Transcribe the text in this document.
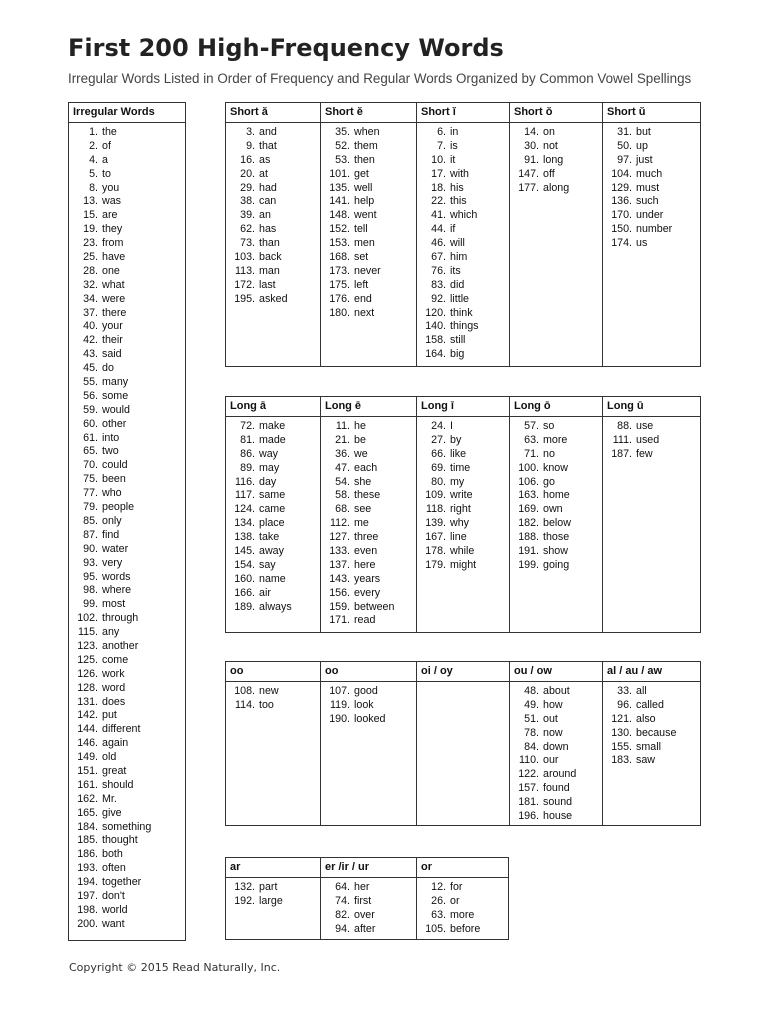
First 200 High-Frequency Words

Irregular Words Listed in Order of Frequency and Regular Words Organized by Common Vowel Spellings

Irregular Words
1. the
2. of
4. a
5. to
8. you
13. was
15. are
19. they
23. from
25. have
28. one
32. what
34. were
37. there
40. your
42. their
43. said
45. do
55. many
56. some
59. would
60. other
61. into
65. two
70. could
75. been
77. who
79. people
85. only
87. find
90. water
93. very
95. words
98. where
99. most
102. through
115. any
123. another
125. come
126. work
128. word
131. does
142. put
144. different
146. again
149. old
151. great
161. should
162. Mr.
165. give
184. something
185. thought
186. both
193. often
194. together
197. don't
198. world
200. want
Short ă
3. and
9. that
16. as
20. at
29. had
38. can
39. an
62. has
73. than
103. back
113. man
172. last
195. asked
Short ĕ
35. when
52. them
53. then
101. get
135. well
141. help
148. went
152. tell
153. men
168. set
173. never
175. left
176. end
180. next
Short ĭ
6. in
7. is
10. it
17. with
18. his
22. this
41. which
44. if
46. will
67. him
76. its
83. did
92. little
120. think
140. things
158. still
164. big
Short ŏ
14. on
30. not
91. long
147. off
177. along
Short ŭ
31. but
50. up
97. just
104. much
129. must
136. such
170. under
150. number
174. us
Long ā
72. make
81. made
86. way
89. may
116. day
117. same
124. came
134. place
138. take
145. away
154. say
160. name
166. air
189. always
Long ē
11. he
21. be
36. we
47. each
54. she
58. these
68. see
112. me
127. three
133. even
137. here
143. years
156. every
159. between
171. read
Long ī
24. I
27. by
66. like
69. time
80. my
109. write
118. right
139. why
167. line
178. while
179. might
Long ō
57. so
63. more
71. no
100. know
106. go
163. home
169. own
182. below
188. those
191. show
199. going
Long ū
88. use
111. used
187. few
oo
108. new
114. too
oo
107. good
119. look
190. looked
oi / oy	ou / ow
48. about
49. how
51. out
78. now
84. down
110. our
122. around
157. found
181. sound
196. house
al / au / aw
33. all
96. called
121. also
130. because
155. small
183. saw
ar
132. part
192. large
er /ir / ur
64. her
74. first
82. over
94. after
or
12. for
26. or
63. more
105. before

Copyright © 2015 Read Naturally, Inc.
